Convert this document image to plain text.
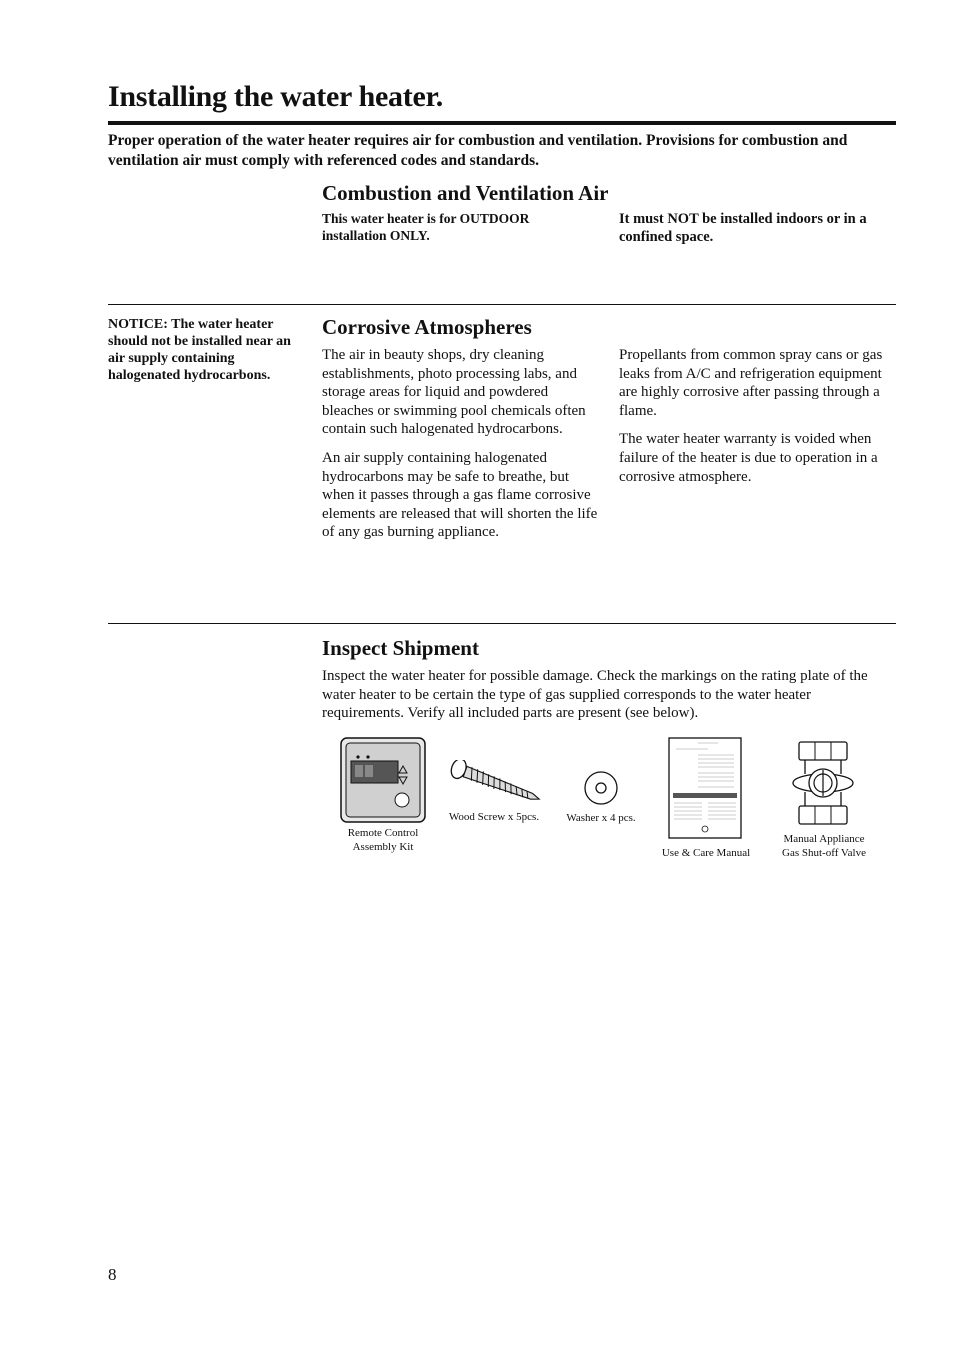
Installing the water heater.
Proper operation of the water heater requires air for combustion and ventilation. Provisions for combustion and ventilation air must comply with referenced codes and standards.
Combustion and Ventilation Air
This water heater is for OUTDOOR installation ONLY.
It must NOT be installed indoors or in a confined space.
NOTICE: The water heater should not be installed near an air supply containing halogenated hydrocarbons.
Corrosive Atmospheres

The air in beauty shops, dry cleaning establishments, photo processing labs, and storage areas for liquid and powdered bleaches or swimming pool chemicals often contain such halogenated hydrocarbons.

An air supply containing halogenated hydrocarbons may be safe to breathe, but when it passes through a gas flame corrosive elements are released that will shorten the life of any gas burning appliance.

Propellants from common spray cans or gas leaks from A/C and refrigeration equipment are highly corrosive after passing through a flame.

The water heater warranty is voided when failure of the heater is due to operation in a corrosive atmosphere.

Inspect Shipment
Inspect the water heater for possible damage. Check the markings on the rating plate of the water heater to be certain the type of gas supplied corresponds to the water heater requirements. Verify all included parts are present (see below).
Remote Control
Assembly Kit
Wood Screw x 5pcs.	Washer x 4 pcs.
Use & Care Manual
Manual Appliance
Gas Shut-off Valve
8
